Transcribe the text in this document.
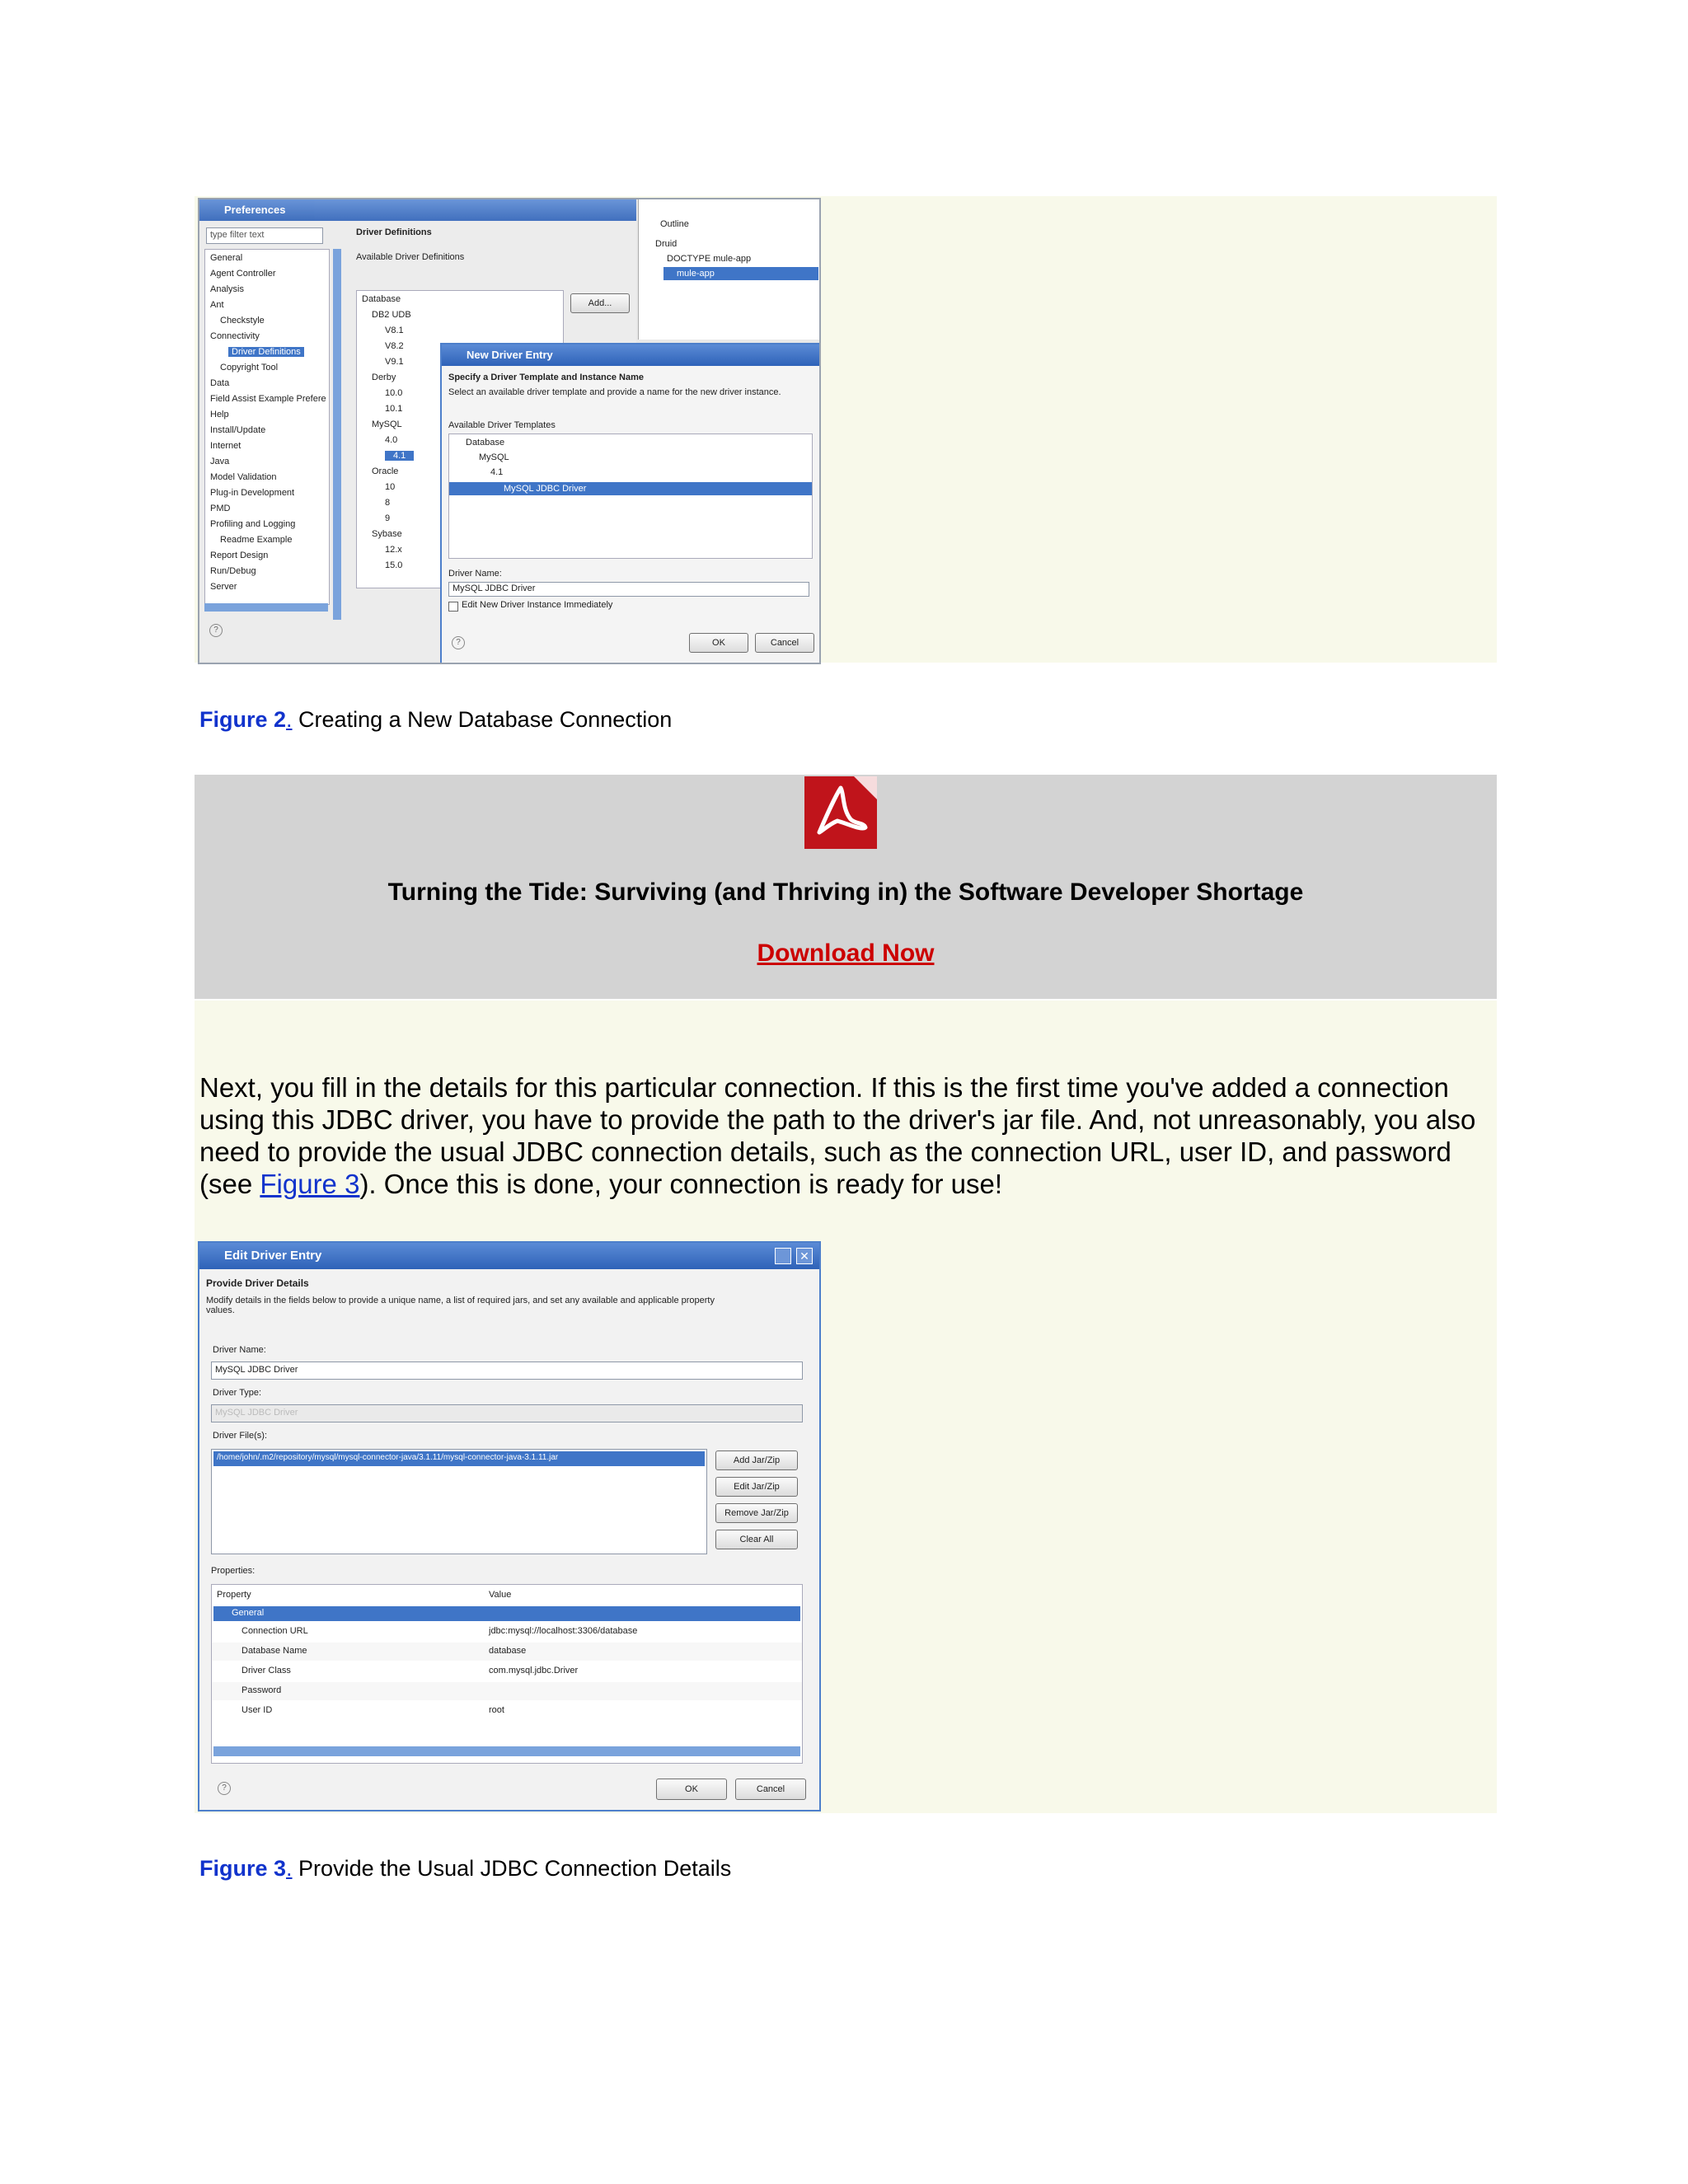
Preferences
type filter text
General
Agent Controller
Analysis
Ant
Checkstyle
Connectivity
Driver Definitions
Copyright Tool
Data
Field Assist Example Prefere
Help
Install/Update
Internet
Java
Model Validation
Plug-in Development
PMD
Profiling and Logging
Readme Example
Report Design
Run/Debug
Server
Driver Definitions
Available Driver Definitions
Database
DB2 UDB
V8.1
V8.2
V9.1
Derby
10.0
10.1
MySQL
4.0
4.1
Oracle
10
8
9
Sybase
12.x
15.0
Add...
?
Outline
Druid
DOCTYPE mule-app
mule-app
New Driver Entry
Specify a Driver Template and Instance Name
Select an available driver template and provide a name for the new driver instance.
Available Driver Templates
Database
MySQL
4.1
MySQL JDBC Driver
Driver Name:
MySQL JDBC Driver
Edit New Driver Instance Immediately
?	OK	Cancel
Figure 2. Creating a New Database Connection
Turning the Tide: Surviving (and Thriving in) the Software Developer Shortage
Download Now
Next, you fill in the details for this particular connection. If this is the first time you've added a connection using this JDBC driver, you have to provide the path to the driver's jar file. And, not unreasonably, you also need to provide the usual JDBC connection details, such as the connection URL, user ID, and password (see Figure 3). Once this is done, your connection is ready for use!
Edit Driver Entry	✕
Provide Driver Details
Modify details in the fields below to provide a unique name, a list of required jars, and set any available and applicable property values.
Driver Name:
MySQL JDBC Driver
Driver Type:
MySQL JDBC Driver
Driver File(s):
/home/john/.m2/repository/mysql/mysql-connector-java/3.1.11/mysql-connector-java-3.1.11.jar	Add Jar/Zip
Edit Jar/Zip
Remove Jar/Zip
Clear All
Properties:
Property	Value
General
Connection URL	jdbc:mysql://localhost:3306/database
Database Name	database
Driver Class	com.mysql.jdbc.Driver
Password
User ID	root
?	OK	Cancel
Figure 3. Provide the Usual JDBC Connection Details
